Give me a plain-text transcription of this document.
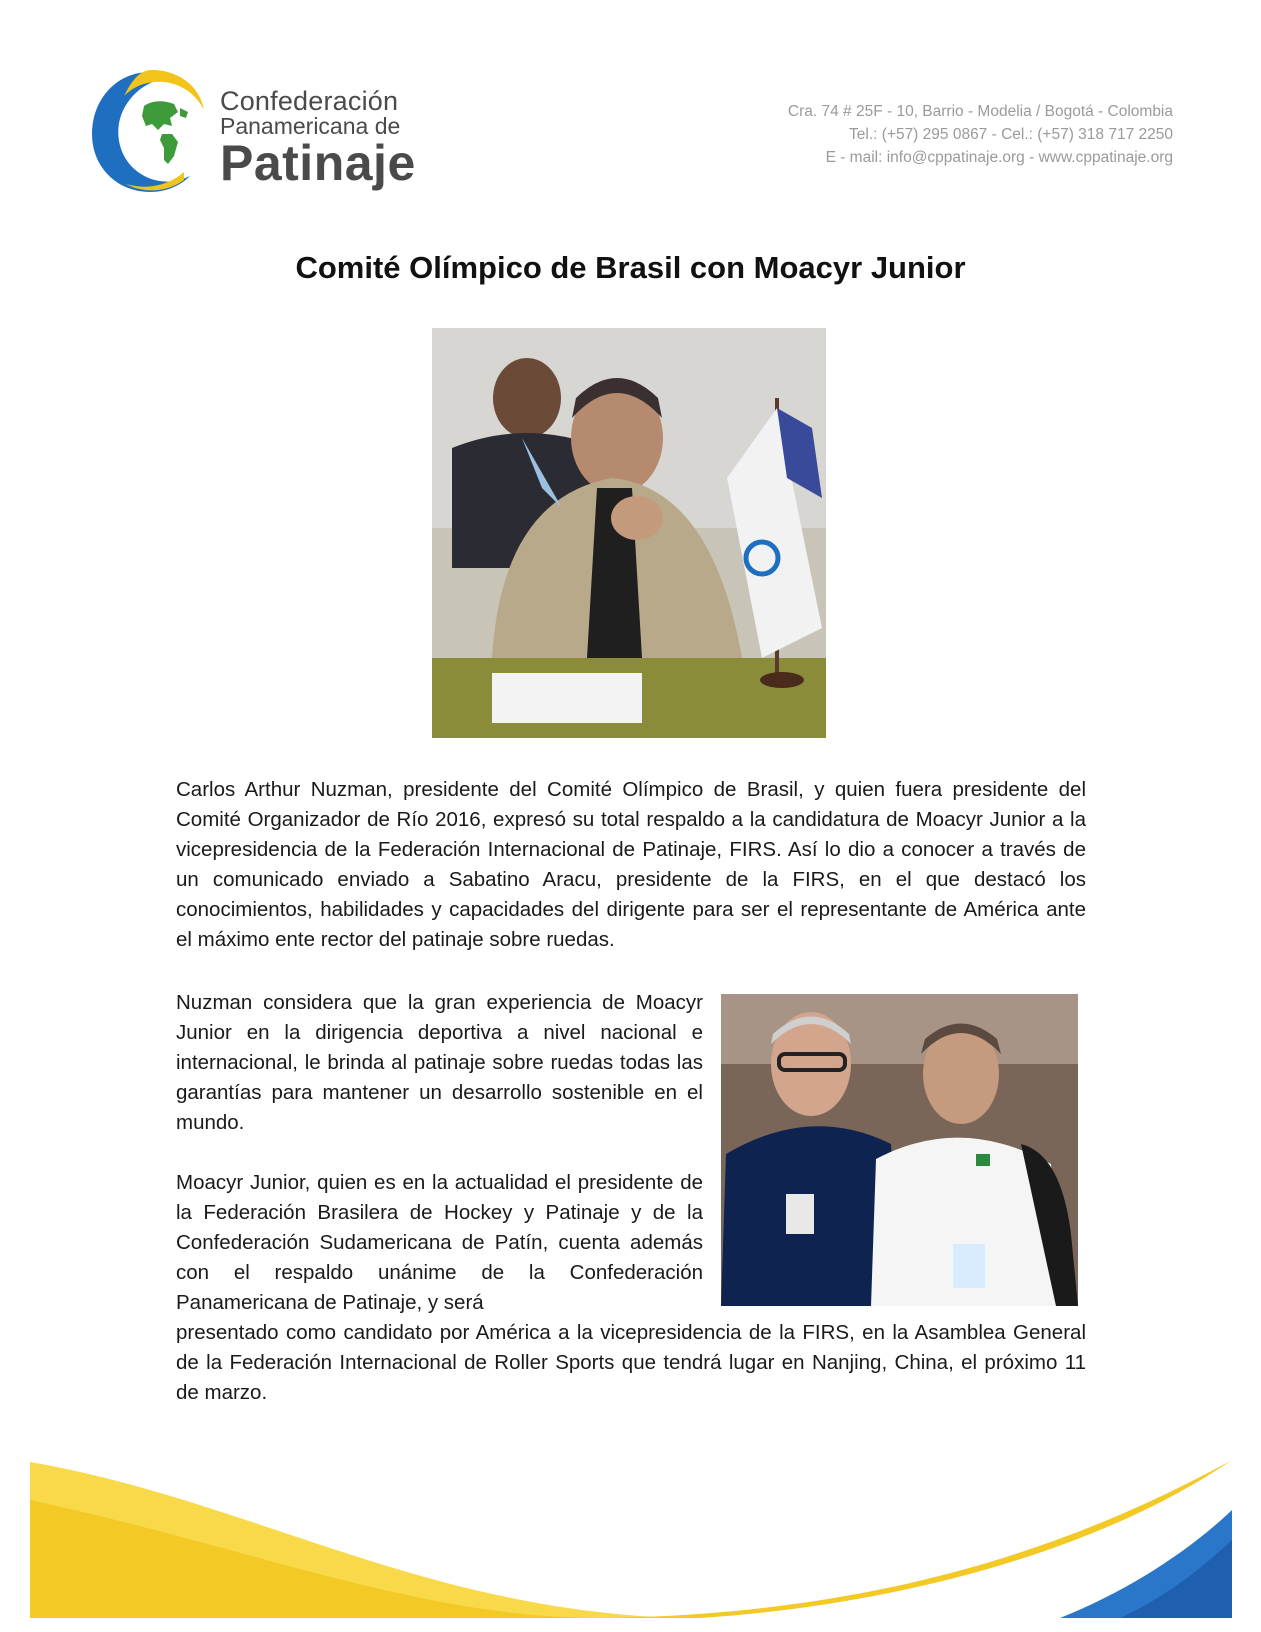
Confederación
Panamericana de
Patinaje
Cra. 74 # 25F - 10, Barrio - Modelia / Bogotá - Colombia
Tel.: (+57) 295 0867 - Cel.: (+57) 318 717 2250
E - mail: info@cppatinaje.org - www.cppatinaje.org
Comité Olímpico de Brasil con Moacyr Junior

Carlos Arthur Nuzman, presidente del Comité Olímpico de Brasil, y quien fuera presidente del Comité Organizador de Río 2016, expresó su total respaldo a la candidatura de Moacyr Junior a la vicepresidencia de la Federación Internacional de Patinaje, FIRS. Así lo dio a conocer a través de un comunicado enviado a Sabatino Aracu, presidente de la FIRS, en el que destacó los conocimientos, habilidades y capacidades del dirigente para ser el representante de América ante el máximo ente rector del patinaje sobre ruedas.

Nuzman considera que la gran experiencia de Moacyr Junior en la dirigencia deportiva a nivel nacional e internacional, le brinda al patinaje sobre ruedas todas las garantías para mantener un desarrollo sostenible en el mundo.

Moacyr Junior, quien es en la actualidad el presidente de la Federación Brasilera de Hockey y Patinaje y de la Confederación Sudamericana de Patín, cuenta además con el respaldo unánime de la Confederación Panamericana de Patinaje, y será

presentado como candidato por América a la vicepresidencia de la FIRS, en la Asamblea General de la Federación Internacional de Roller Sports que tendrá lugar en Nanjing, China, el próximo 11 de marzo.
